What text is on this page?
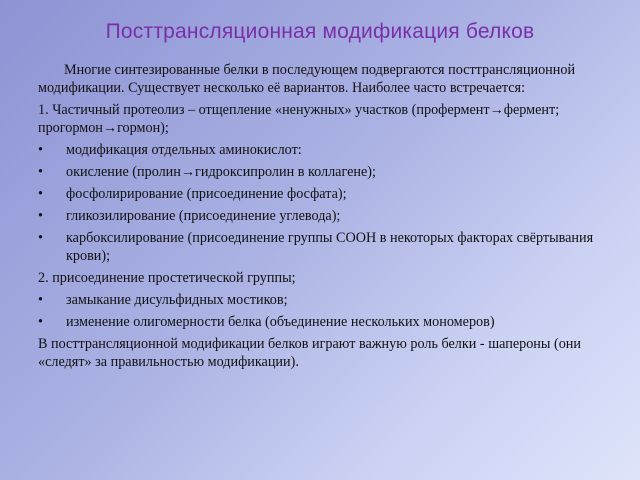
Посттрансляционная модификация белков

Многие синтезированные белки в последующем подвергаются посттрансляционной модификации. Существует несколько её вариантов. Наиболее часто встречается:

1. Частичный протеолиз – отщепление «ненужных» участков (профермент→фермент; прогормон→гормон);

•	модификация отдельных аминокислот:
•	окисление (пролин→гидроксипролин в коллагене);
•	фосфолирирование (присоединение фосфата);
•	гликозилирование (присоединение углевода);
•	карбоксилирование (присоединение группы СООН в некоторых факторах свёртывания крови);

2. присоединение простетической группы;

•	замыкание дисульфидных мостиков;
•	изменение олигомерности белка (объединение нескольких мономеров)

В посттрансляционной модификации белков играют важную роль белки - шапероны (они «следят» за правильностью модификации).
